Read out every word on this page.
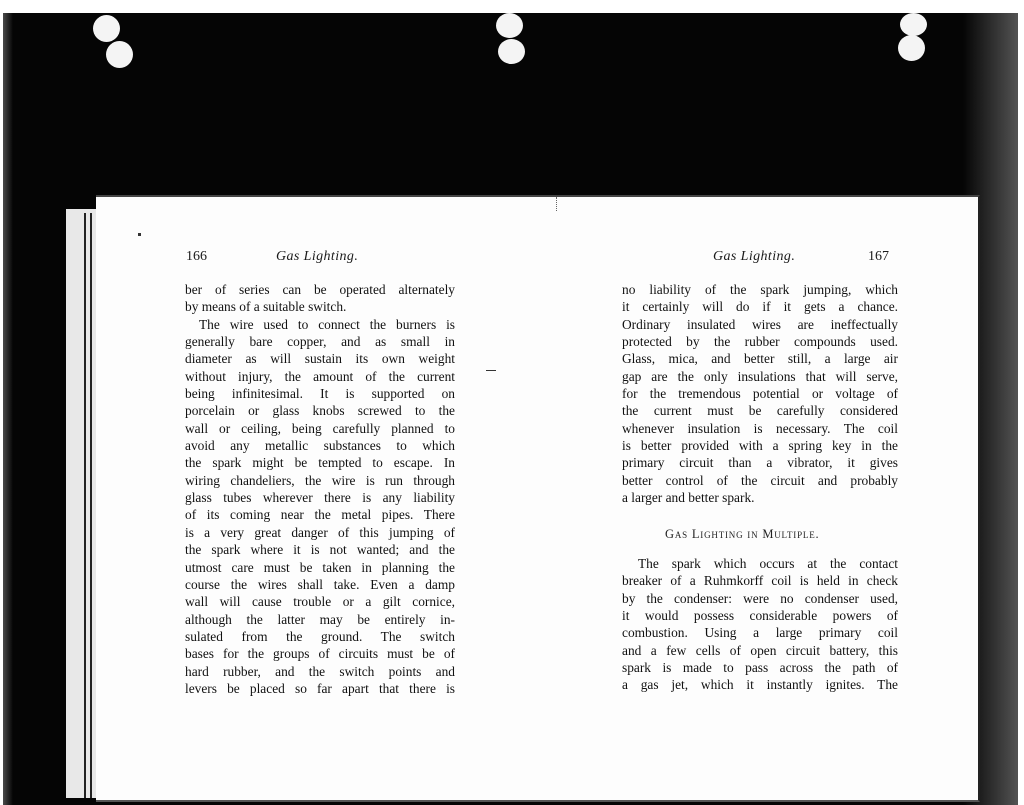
166	Gas Lighting.
ber of series can be operated alternately
by means of a suitable switch.
The wire used to connect the burners is
generally bare copper, and as small in
diameter as will sustain its own weight
without injury, the amount of the current
being infinitesimal. It is supported on
porcelain or glass knobs screwed to the
wall or ceiling, being carefully planned to
avoid any metallic substances to which
the spark might be tempted to escape. In
wiring chandeliers, the wire is run through
glass tubes wherever there is any liability
of its coming near the metal pipes. There
is a very great danger of this jumping of
the spark where it is not wanted; and the
utmost care must be taken in planning the
course the wires shall take. Even a damp
wall will cause trouble or a gilt cornice,
although the latter may be entirely in-
sulated from the ground. The switch
bases for the groups of circuits must be of
hard rubber, and the switch points and
levers be placed so far apart that there is
Gas Lighting.	167
no liability of the spark jumping, which
it certainly will do if it gets a chance.
Ordinary insulated wires are ineffectually
protected by the rubber compounds used.
Glass, mica, and better still, a large air
gap are the only insulations that will serve,
for the tremendous potential or voltage of
the current must be carefully considered
whenever insulation is necessary. The coil
is better provided with a spring key in the
primary circuit than a vibrator, it gives
better control of the circuit and probably
a larger and better spark.
Gas Lighting in Multiple.
The spark which occurs at the contact
breaker of a Ruhmkorff coil is held in check
by the condenser: were no condenser used,
it would possess considerable powers of
combustion. Using a large primary coil
and a few cells of open circuit battery, this
spark is made to pass across the path of
a gas jet, which it instantly ignites. The
